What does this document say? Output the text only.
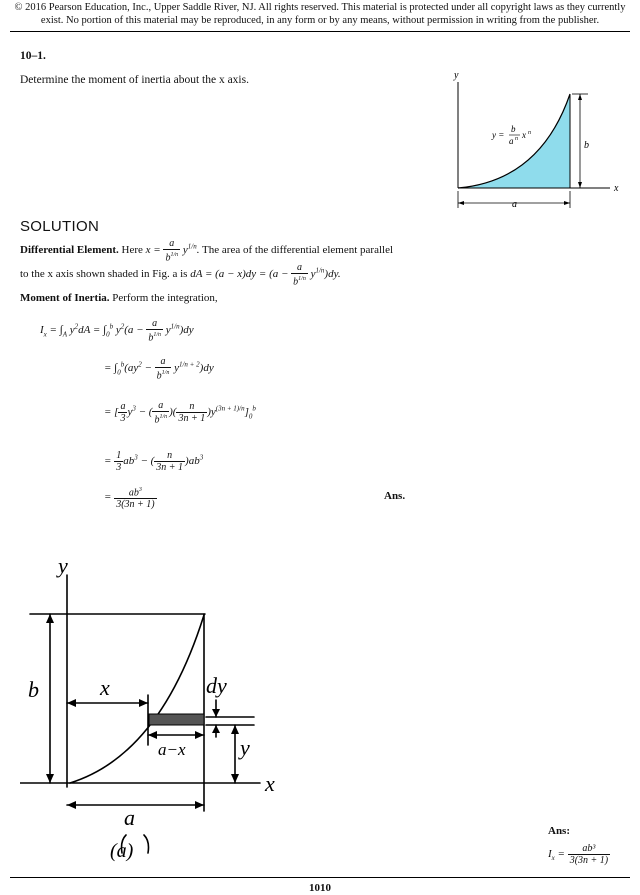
© 2016 Pearson Education, Inc., Upper Saddle River, NJ. All rights reserved. This material is protected under all copyright laws as they currently
exist. No portion of this material may be reproduced, in any form or by any means, without permission in writing from the publisher.
10–1.
Determine the moment of inertia about the x axis.	y
x
b
a
y =
b
a n x n
SOLUTION
Differential Element. Here $x = \frac{a}{b^{1/n}} y^{1/n}$. The area of the differential element parallel
to the x axis shown shaded in Fig. a is dA = $(a - x)dy = (a - \frac{a}{b^{1/n}} y^{1/n})dy$.
Moment of Inertia. Perform the integration,
$I_x = \int_A$ $y^2dA = \int_0^b$ $y^2(a - \frac{a}{b^{1/n}} y^{1/n})dy$
= $\int_0^b(ay^2 - \frac{a}{b^{1/n}} y^{1/n + 2})dy$
= [ $\frac{a}{3} y^3$ − ( $\frac{a}{b^{1/n}}$ )( $\frac{n}{3n + 1} )y^{(3n + 1)/n}]_0^b$
= $\frac{1}{3} ab^3$ − ( $\frac{n}{3n + 1} )ab^3$
= $\frac{ab^3}{3(3n + 1)}$	Ans.
y
x
b	x	dy
a−x y
a
(a)
Ans:
$I_x = \frac{\text{ab³}}{3(3n + 1)}$
1010
